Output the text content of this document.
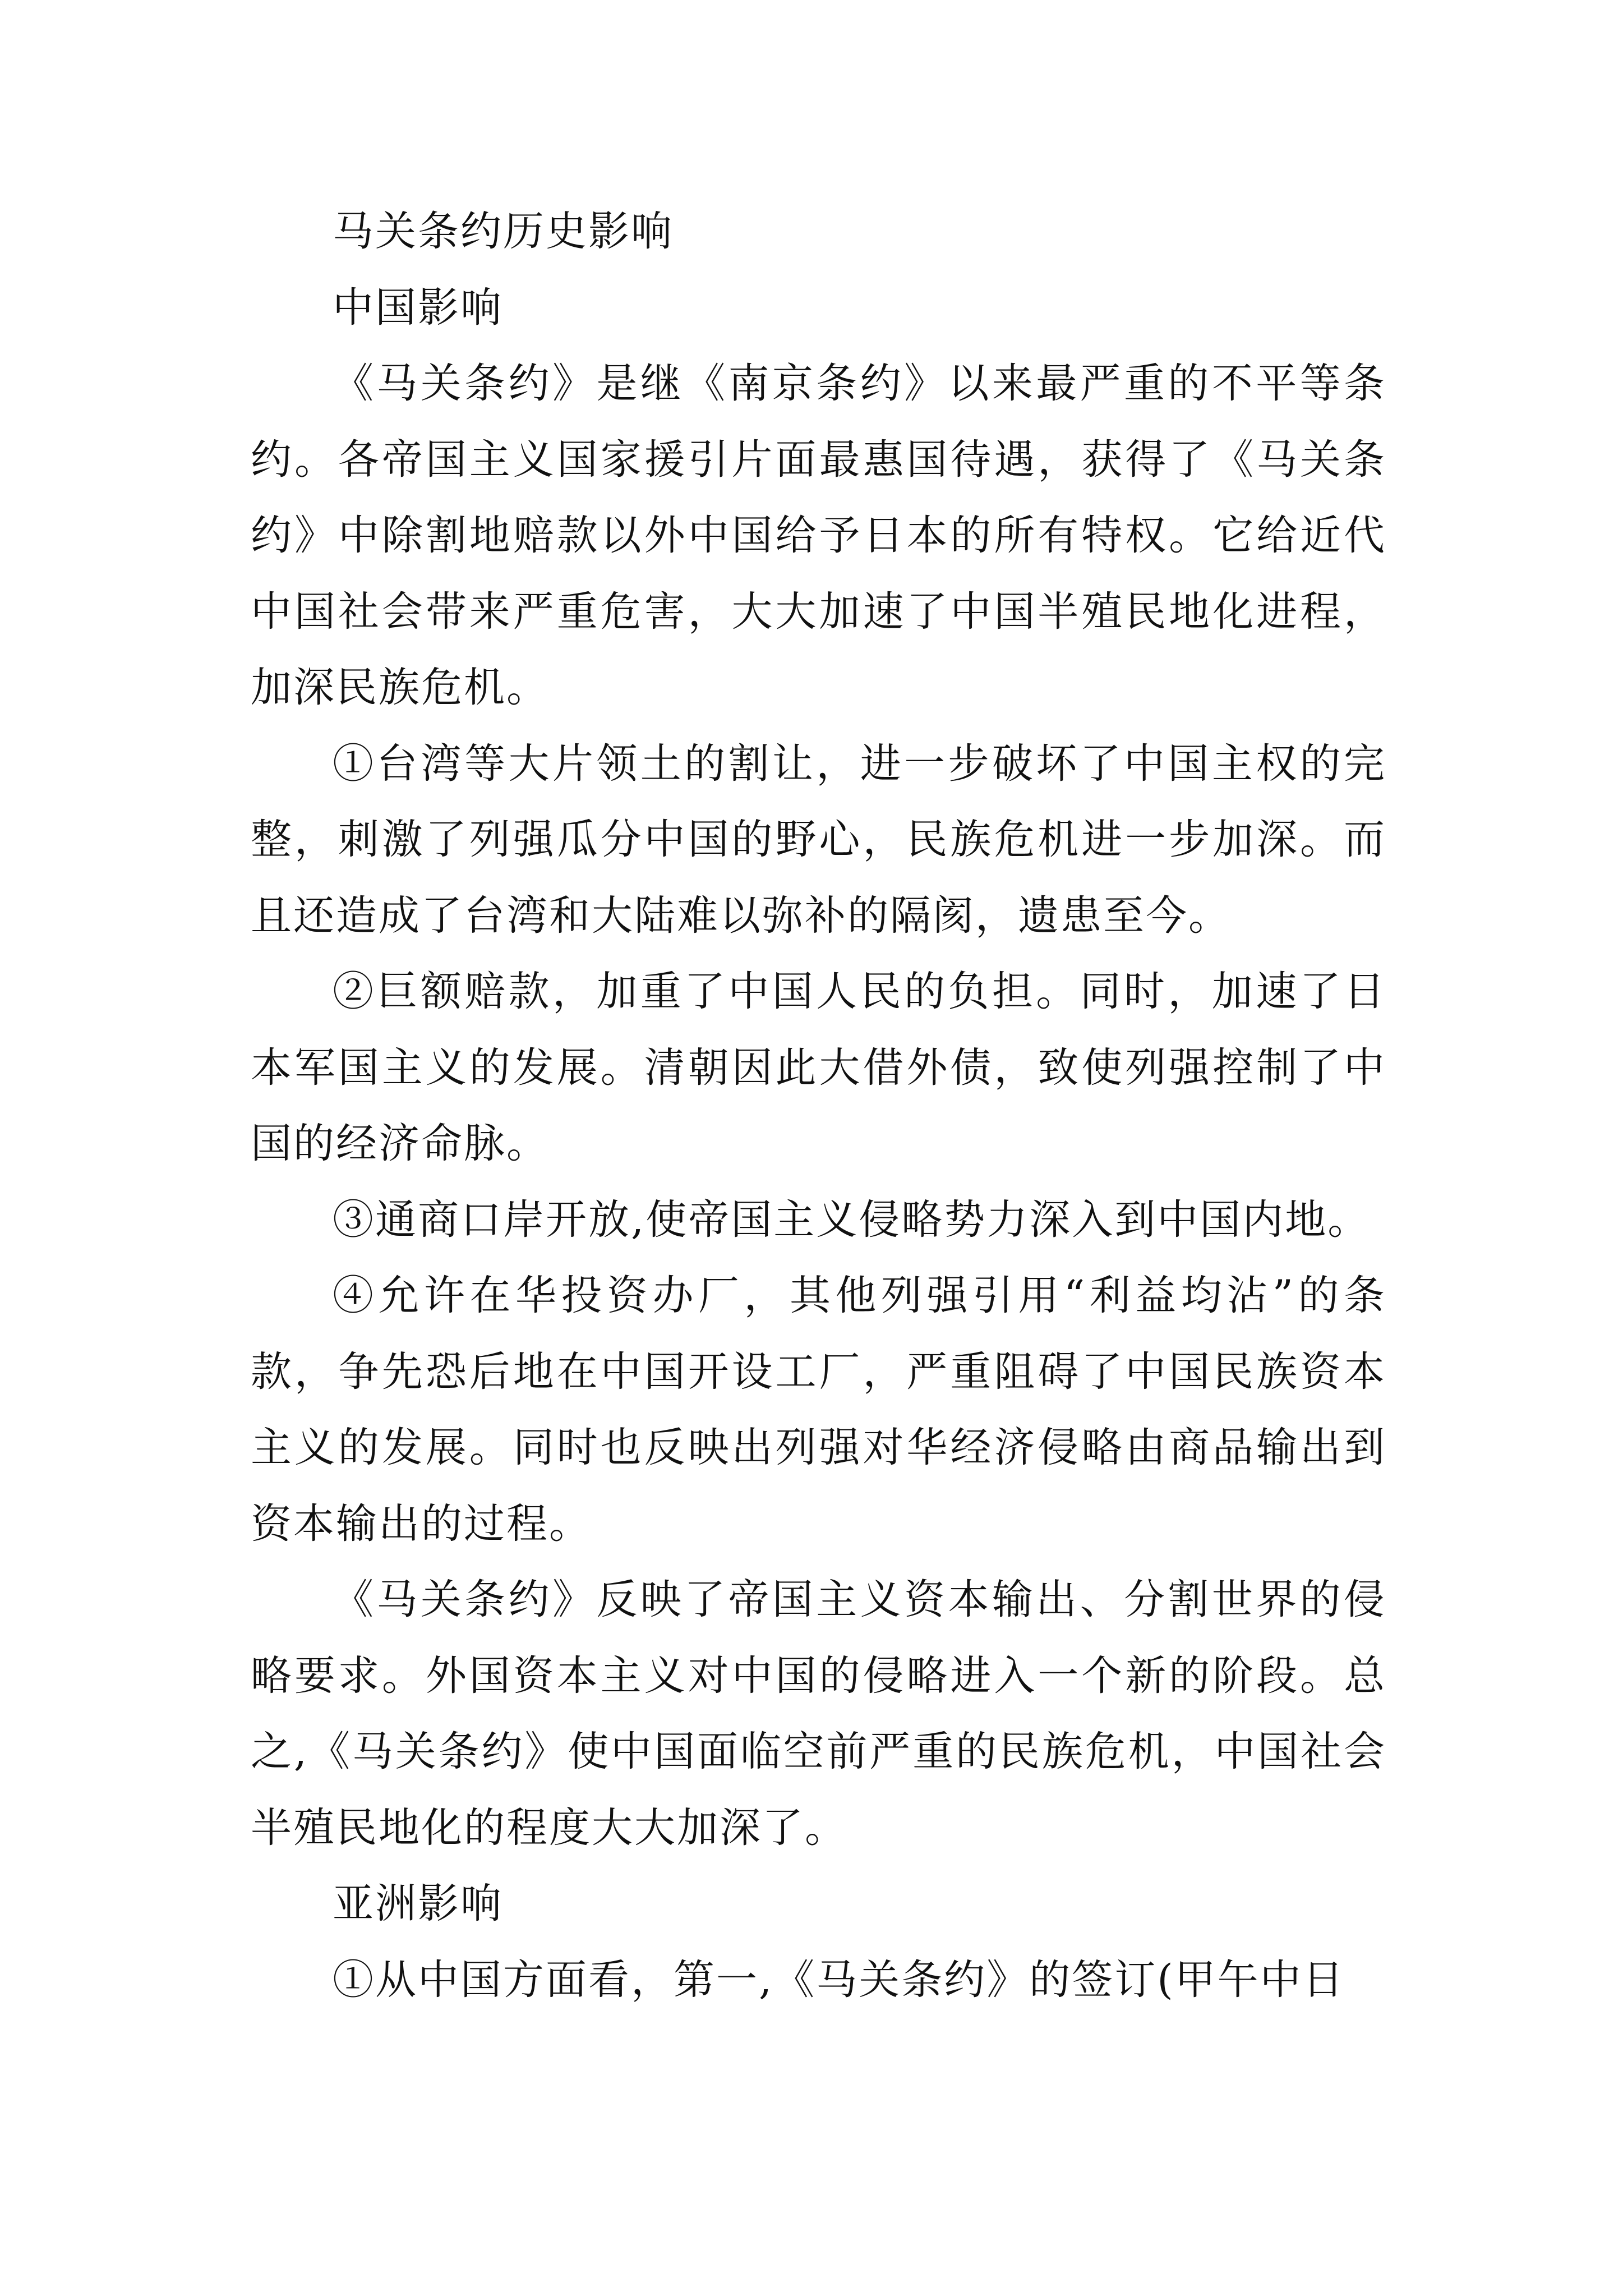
马关条约历史影响

中国影响

《马关条约》是继《南京条约》以来最严重的不平等条约。各帝国主义国家援引片面最惠国待遇，获得了《马关条约》中除割地赔款以外中国给予日本的所有特权。它给近代中国社会带来严重危害，大大加速了中国半殖民地化进程，加深民族危机。

①台湾等大片领土的割让，进一步破坏了中国主权的完整，刺激了列强瓜分中国的野心，民族危机进一步加深。而且还造成了台湾和大陆难以弥补的隔阂，遗患至今。

②巨额赔款，加重了中国人民的负担。同时，加速了日本军国主义的发展。清朝因此大借外债，致使列强控制了中国的经济命脉。

③通商口岸开放,使帝国主义侵略势力深入到中国内地。

④允许在华投资办厂，其他列强引用“利益均沾”的条款，争先恐后地在中国开设工厂，严重阻碍了中国民族资本主义的发展。同时也反映出列强对华经济侵略由商品输出到资本输出的过程。

《马关条约》反映了帝国主义资本输出、分割世界的侵略要求。外国资本主义对中国的侵略进入一个新的阶段。总之,《马关条约》使中国面临空前严重的民族危机，中国社会半殖民地化的程度大大加深了。

亚洲影响

①从中国方面看，第一,《马关条约》的签订(甲午中日
